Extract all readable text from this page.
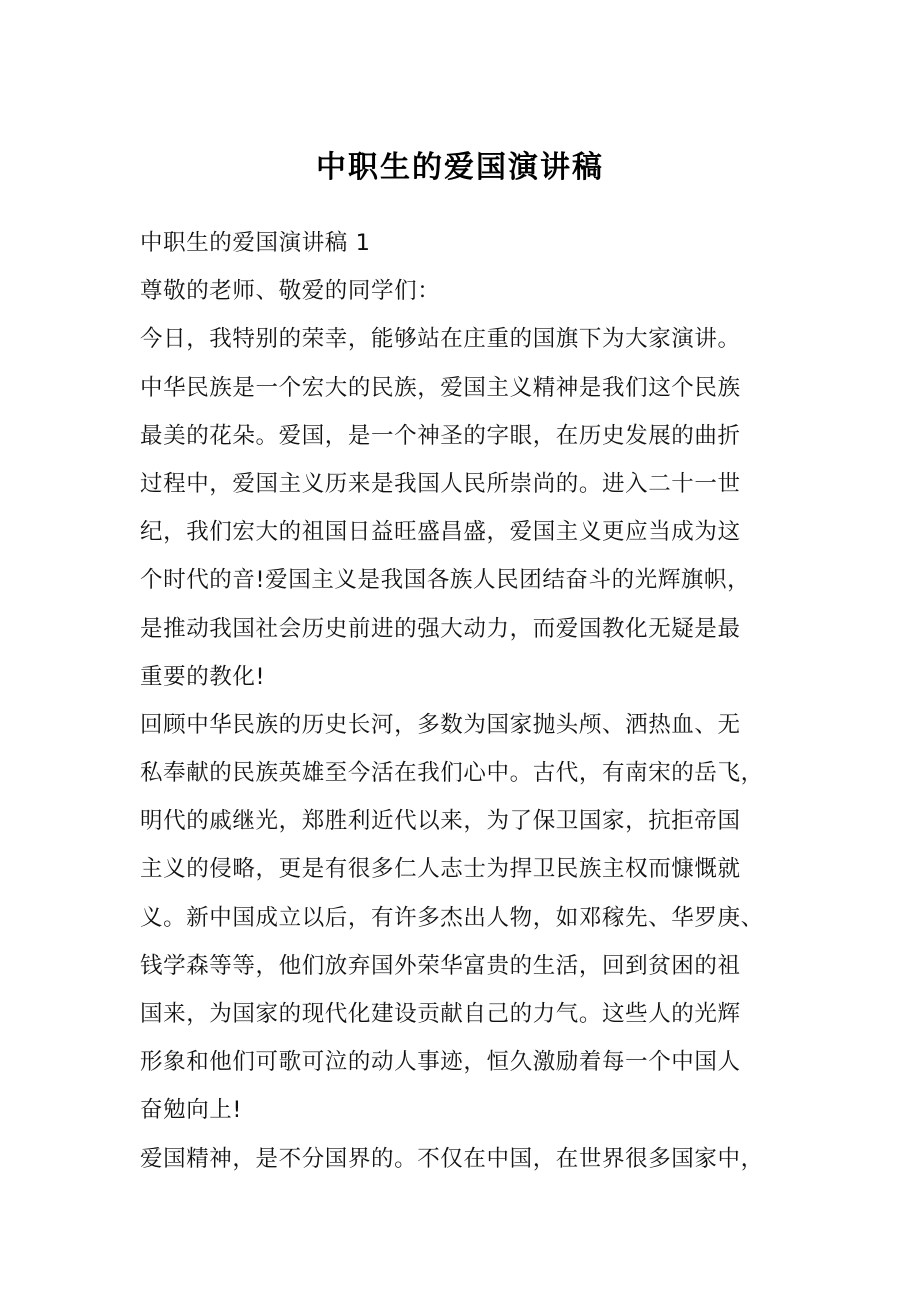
中职生的爱国演讲稿
中职生的爱国演讲稿 1
尊敬的老师、敬爱的同学们：
今日，我特别的荣幸，能够站在庄重的国旗下为大家演讲。
中华民族是一个宏大的民族，爱国主义精神是我们这个民族
最美的花朵。爱国，是一个神圣的字眼，在历史发展的曲折
过程中，爱国主义历来是我国人民所崇尚的。进入二十一世
纪，我们宏大的祖国日益旺盛昌盛，爱国主义更应当成为这
个时代的音!爱国主义是我国各族人民团结奋斗的光辉旗帜，
是推动我国社会历史前进的强大动力，而爱国教化无疑是最
重要的教化!
回顾中华民族的历史长河，多数为国家抛头颅、洒热血、无
私奉献的民族英雄至今活在我们心中。古代，有南宋的岳飞，
明代的戚继光，郑胜利近代以来，为了保卫国家，抗拒帝国
主义的侵略，更是有很多仁人志士为捍卫民族主权而慷慨就
义。新中国成立以后，有许多杰出人物，如邓稼先、华罗庚、
钱学森等等，他们放弃国外荣华富贵的生活，回到贫困的祖
国来，为国家的现代化建设贡献自己的力气。这些人的光辉
形象和他们可歌可泣的动人事迹，恒久激励着每一个中国人
奋勉向上!
爱国精神，是不分国界的。不仅在中国，在世界很多国家中，
